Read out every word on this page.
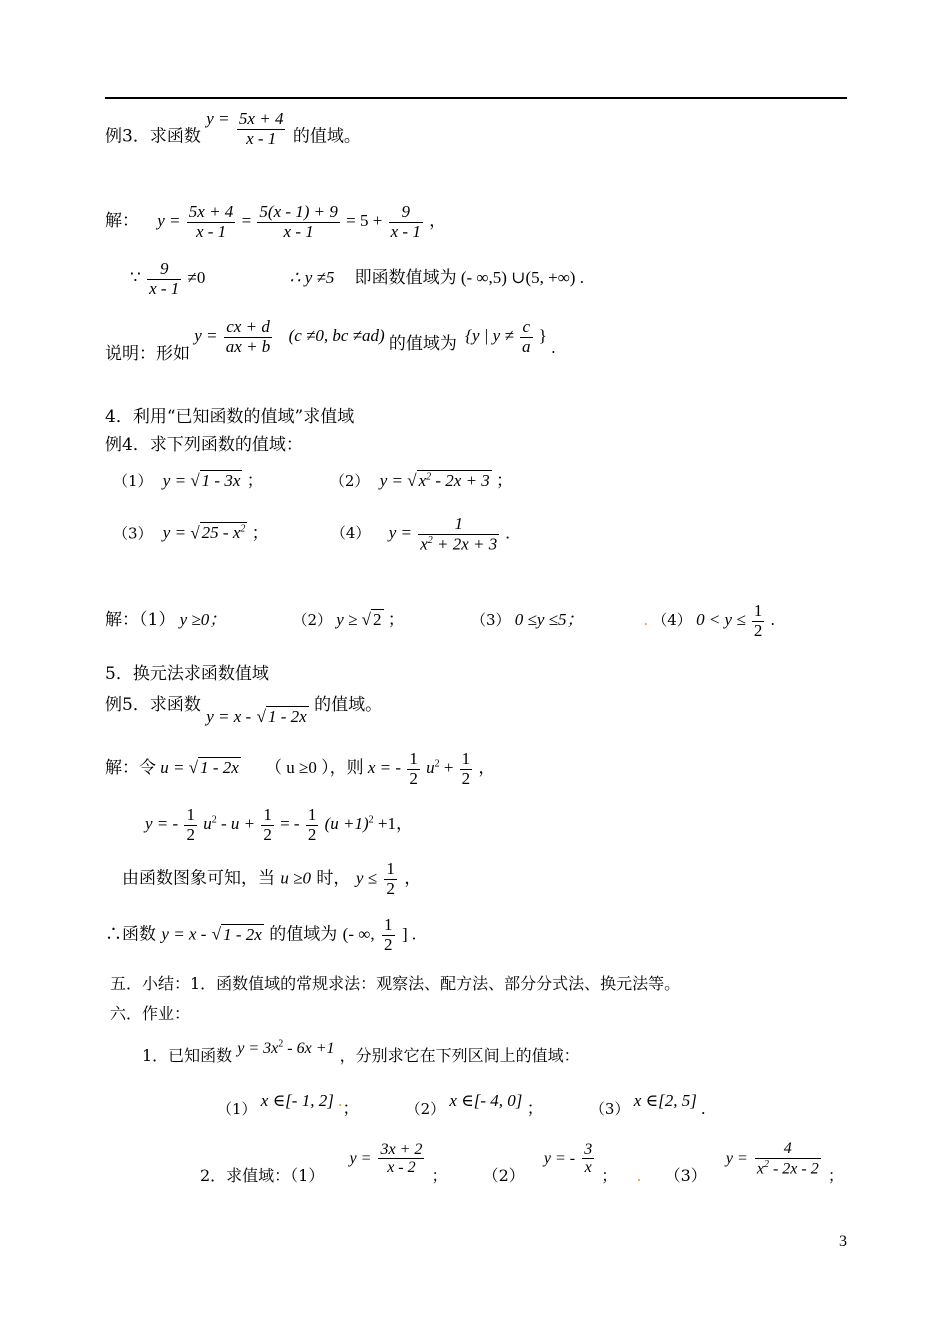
例3．求函数 $y = \frac{5x + 4}{x - 1}$ 的值域。
解： $y = \frac{5x + 4}{x - 1} = \frac{5(x - 1) + 9}{x - 1} = 5 + \frac{9}{x - 1}$ ，
∵ $\frac{9}{x - 1} \ne 0$	∴ y ≠5 即函数值域为 (- ∞,5) ∪(5, +∞) .
说明：形如 $y = \frac{cx + d}{ax + b} (c \ne 0$, bc ≠ad) 的值域为 {y | $y \ne \frac{c}{a}$ } .
4．利用“已知函数的值域”求值域
例4．求下列函数的值域：
（1） y = √ 1 - 3x ；	（2） y = √ $x^2 - 2x + 3$ ；
（3） y = √ $25 - x^2$ ；	（4） $y = \frac{1}{x^2 + 2x + 3}$ .
解：（1） y ≥0；	（2） y ≥ √ 2 ；	（3） 0 ≤y ≤5；	. （4） $0 < y \le \frac{1}{2}$ .
5．换元法求函数值域
例5．求函数 y = x - √ 1 - 2x 的值域。
解：令 u = √ 1 - 2x （ u ≥0 ），则 x = - $\frac{1}{2} u^2 + \frac{1}{2}$ ，
y = - $\frac{1}{2} u^2 - u + \frac{1}{2}$ = - $\frac{1}{2} (u +1)^2 +1$，
由函数图象可知，当 u ≥0 时， $y \le \frac{1}{2}$ ，
∴函数 y = x - √ 1 - 2x 的值域为 (- ∞, $\frac{1}{2}$ ] .
五．小结：1．函数值域的常规求法：观察法、配方法、部分分式法、换元法等。
六．作业：
1．已知函数 $y = 3x^2 - 6x +1$ ，分别求它在下列区间上的值域：
（1） x ∈[- 1, 2] .；	（2） x ∈[- 4, 0] ；	（3） x ∈[2, 5] .
2．求值域：（1） $y = \frac{3x + 2}{x - 2}$ ； （2） y = - $\frac{3}{x}$ ； . （3） $y = \frac{4}{x^2 - 2x - 2}$ ；
3
